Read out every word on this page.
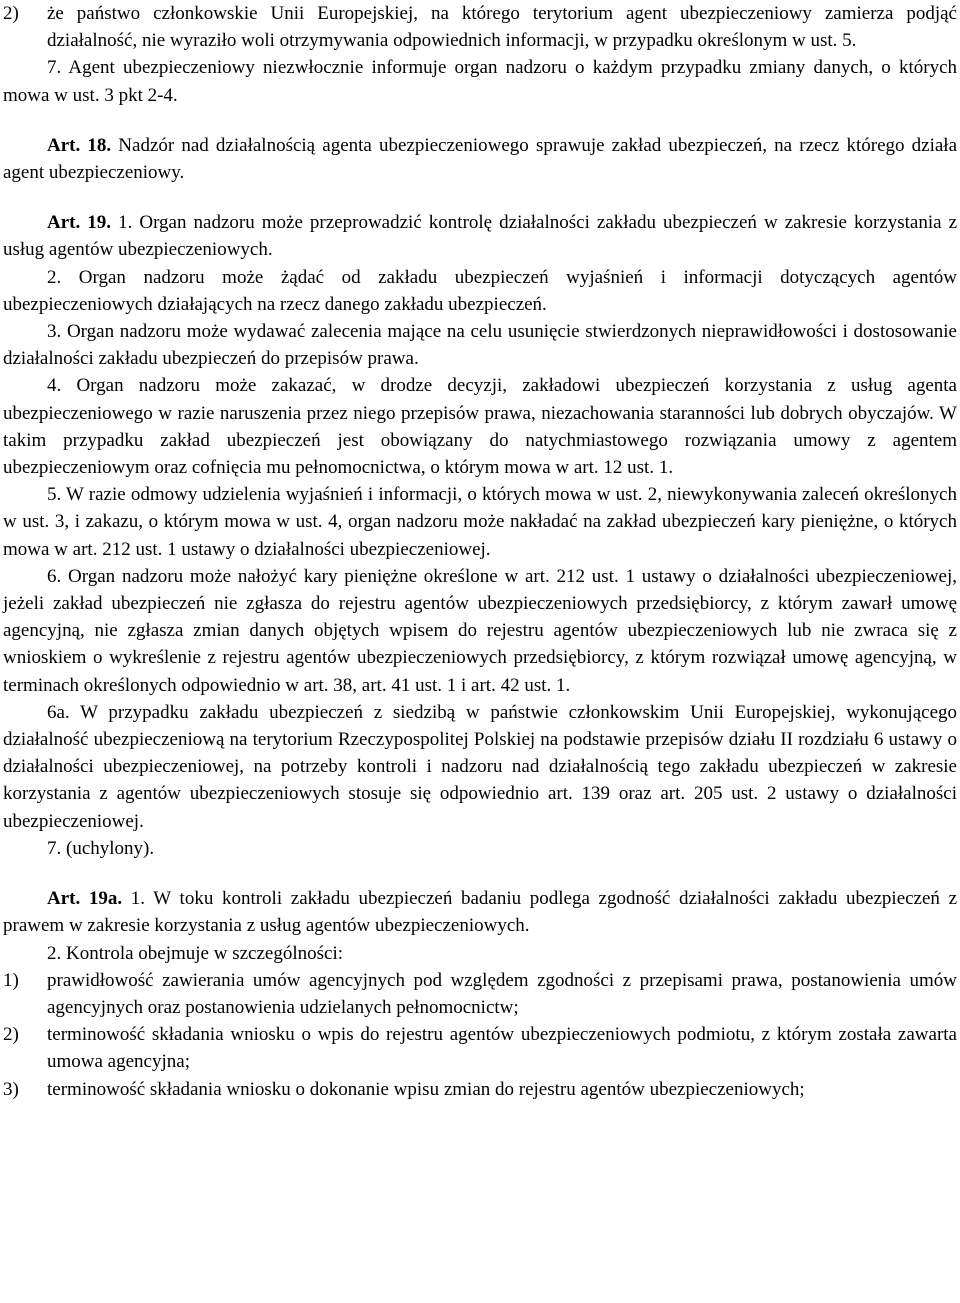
2)	że państwo członkowskie Unii Europejskiej, na którego terytorium agent ubezpieczeniowy zamierza podjąć działalność, nie wyraziło woli otrzymywania odpowiednich informacji, w przypadku określonym w ust. 5.

7. Agent ubezpieczeniowy niezwłocznie informuje organ nadzoru o każdym przypadku zmiany danych, o których mowa w ust. 3 pkt 2-4.

Art. 18. Nadzór nad działalnością agenta ubezpieczeniowego sprawuje zakład ubezpieczeń, na rzecz którego działa agent ubezpieczeniowy.

Art. 19. 1. Organ nadzoru może przeprowadzić kontrolę działalności zakładu ubezpieczeń w zakresie korzystania z usług agentów ubezpieczeniowych.

2. Organ nadzoru może żądać od zakładu ubezpieczeń wyjaśnień i informacji dotyczących agentów ubezpieczeniowych działających na rzecz danego zakładu ubezpieczeń.

3. Organ nadzoru może wydawać zalecenia mające na celu usunięcie stwierdzonych nieprawidłowości i dostosowanie działalności zakładu ubezpieczeń do przepisów prawa.

4. Organ nadzoru może zakazać, w drodze decyzji, zakładowi ubezpieczeń korzystania z usług agenta ubezpieczeniowego w razie naruszenia przez niego przepisów prawa, niezachowania staranności lub dobrych obyczajów. W takim przypadku zakład ubezpieczeń jest obowiązany do natychmiastowego rozwiązania umowy z agentem ubezpieczeniowym oraz cofnięcia mu pełnomocnictwa, o którym mowa w art. 12 ust. 1.

5. W razie odmowy udzielenia wyjaśnień i informacji, o których mowa w ust. 2, niewykonywania zaleceń określonych w ust. 3, i zakazu, o którym mowa w ust. 4, organ nadzoru może nakładać na zakład ubezpieczeń kary pieniężne, o których mowa w art. 212 ust. 1 ustawy o działalności ubezpieczeniowej.

6. Organ nadzoru może nałożyć kary pieniężne określone w art. 212 ust. 1 ustawy o działalności ubezpieczeniowej, jeżeli zakład ubezpieczeń nie zgłasza do rejestru agentów ubezpieczeniowych przedsiębiorcy, z którym zawarł umowę agencyjną, nie zgłasza zmian danych objętych wpisem do rejestru agentów ubezpieczeniowych lub nie zwraca się z wnioskiem o wykreślenie z rejestru agentów ubezpieczeniowych przedsiębiorcy, z którym rozwiązał umowę agencyjną, w terminach określonych odpowiednio w art. 38, art. 41 ust. 1 i art. 42 ust. 1.

6a. W przypadku zakładu ubezpieczeń z siedzibą w państwie członkowskim Unii Europejskiej, wykonującego działalność ubezpieczeniową na terytorium Rzeczypospolitej Polskiej na podstawie przepisów działu II rozdziału 6 ustawy o działalności ubezpieczeniowej, na potrzeby kontroli i nadzoru nad działalnością tego zakładu ubezpieczeń w zakresie korzystania z agentów ubezpieczeniowych stosuje się odpowiednio art. 139 oraz art. 205 ust. 2 ustawy o działalności ubezpieczeniowej.

7. (uchylony).

Art. 19a. 1. W toku kontroli zakładu ubezpieczeń badaniu podlega zgodność działalności zakładu ubezpieczeń z prawem w zakresie korzystania z usług agentów ubezpieczeniowych.

2. Kontrola obejmuje w szczególności:

1)	prawidłowość zawierania umów agencyjnych pod względem zgodności z przepisami prawa, postanowienia umów agencyjnych oraz postanowienia udzielanych pełnomocnictw;
2)	terminowość składania wniosku o wpis do rejestru agentów ubezpieczeniowych podmiotu, z którym została zawarta umowa agencyjna;
3)	terminowość składania wniosku o dokonanie wpisu zmian do rejestru agentów ubezpieczeniowych;
